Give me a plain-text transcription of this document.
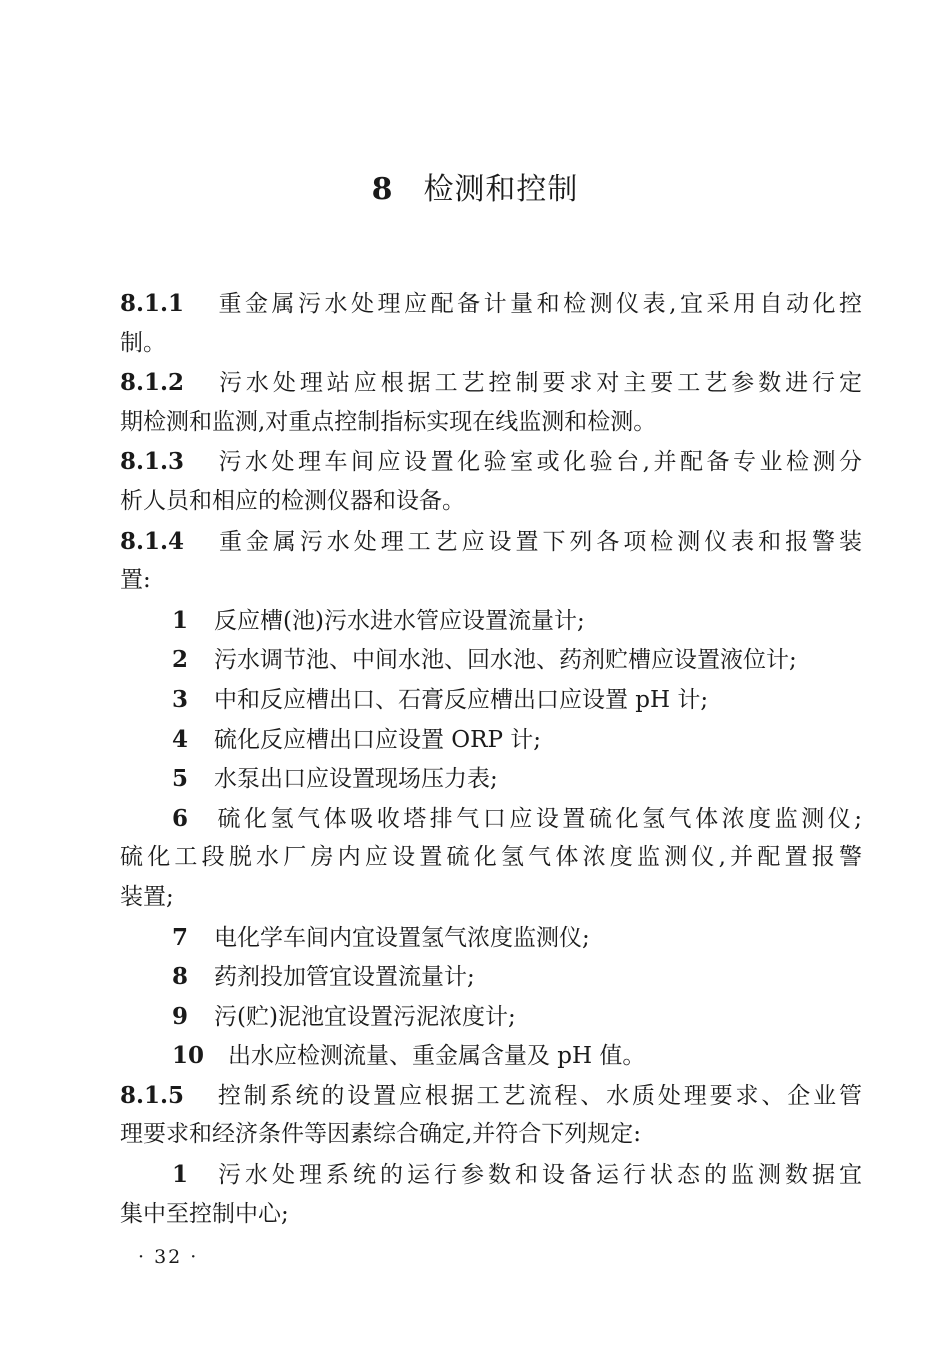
8 检测和控制
8.1.1 重金属污水处理应配备计量和检测仪表,宜采用自动化控
制。
8.1.2 污水处理站应根据工艺控制要求对主要工艺参数进行定
期检测和监测,对重点控制指标实现在线监测和检测。
8.1.3 污水处理车间应设置化验室或化验台,并配备专业检测分
析人员和相应的检测仪器和设备。
8.1.4 重金属污水处理工艺应设置下列各项检测仪表和报警装
置:
1 反应槽(池)污水进水管应设置流量计;
2 污水调节池、中间水池、回水池、药剂贮槽应设置液位计;
3 中和反应槽出口、石膏反应槽出口应设置 pH 计;
4 硫化反应槽出口应设置 ORP 计;
5 水泵出口应设置现场压力表;
6 硫化氢气体吸收塔排气口应设置硫化氢气体浓度监测仪;
硫化工段脱水厂房内应设置硫化氢气体浓度监测仪,并配置报警
装置;
7 电化学车间内宜设置氢气浓度监测仪;
8 药剂投加管宜设置流量计;
9 污(贮)泥池宜设置污泥浓度计;
10 出水应检测流量、重金属含量及 pH 值。
8.1.5 控制系统的设置应根据工艺流程、水质处理要求、企业管
理要求和经济条件等因素综合确定,并符合下列规定:
1 污水处理系统的运行参数和设备运行状态的监测数据宜
集中至控制中心;
· 32 ·
